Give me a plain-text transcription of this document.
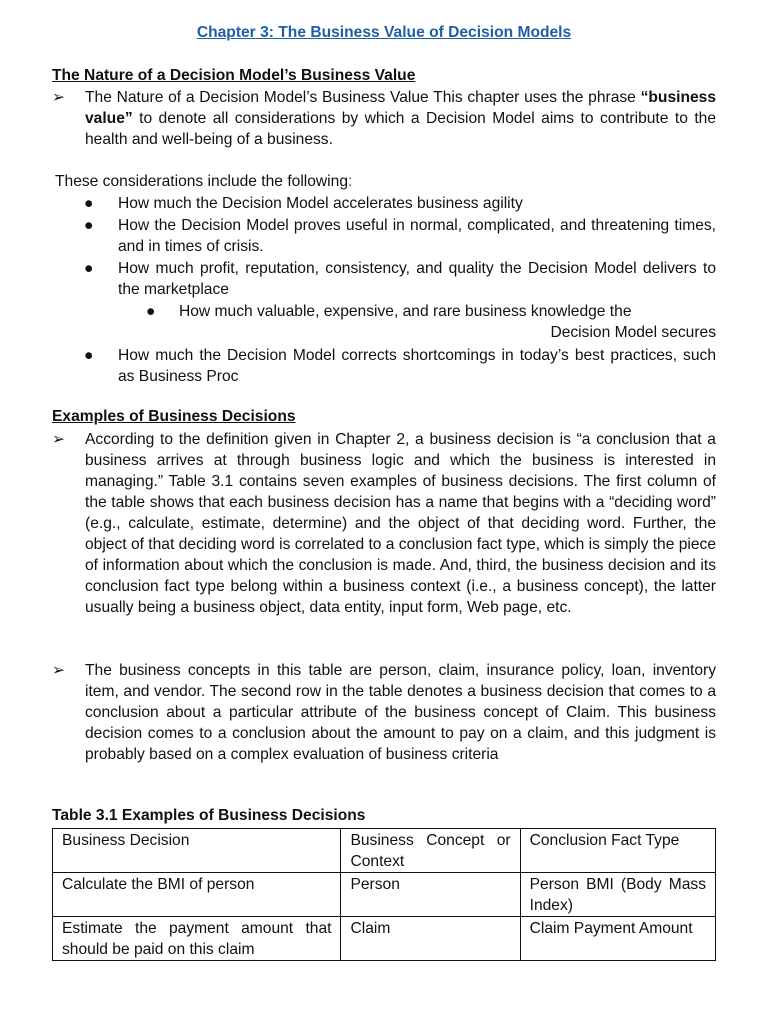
Chapter 3: The Business Value of Decision Models
The Nature of a Decision Model’s Business Value
➢	The Nature of a Decision Model’s Business Value This chapter uses the phrase “business value” to denote all considerations by which a Decision Model aims to contribute to the health and well-being of a business.
These considerations include the following:
● How much the Decision Model accelerates business agility
● How the Decision Model proves useful in normal, complicated, and threatening times, and in times of crisis.
● How much profit, reputation, consistency, and quality the Decision Model delivers to the marketplace
● How much valuable, expensive, and rare business knowledge the
Decision Model secures
● How much the Decision Model corrects shortcomings in today’s best practices, such as Business Proc
Examples of Business Decisions
➢	According to the definition given in Chapter 2, a business decision is “a conclusion that a business arrives at through business logic and which the business is interested in managing.” Table 3.1 contains seven examples of business decisions. The first column of the table shows that each business decision has a name that begins with a “deciding word” (e.g., calculate, estimate, determine) and the object of that deciding word. Further, the object of that deciding word is correlated to a conclusion fact type, which is simply the piece of information about which the conclusion is made. And, third, the business decision and its conclusion fact type belong within a business context (i.e., a business concept), the latter usually being a business object, data entity, input form, Web page, etc.
➢	The business concepts in this table are person, claim, insurance policy, loan, inventory item, and vendor. The second row in the table denotes a business decision that comes to a conclusion about a particular attribute of the business concept of Claim. This business decision comes to a conclusion about the amount to pay on a claim, and this judgment is probably based on a complex evaluation of business criteria
Table 3.1 Examples of Business Decisions
Business Decision	Business Concept or Context	Conclusion Fact Type
Calculate the BMI of person	Person	Person BMI (Body Mass Index)
Estimate the payment amount that should be paid on this claim	Claim	Claim Payment Amount
